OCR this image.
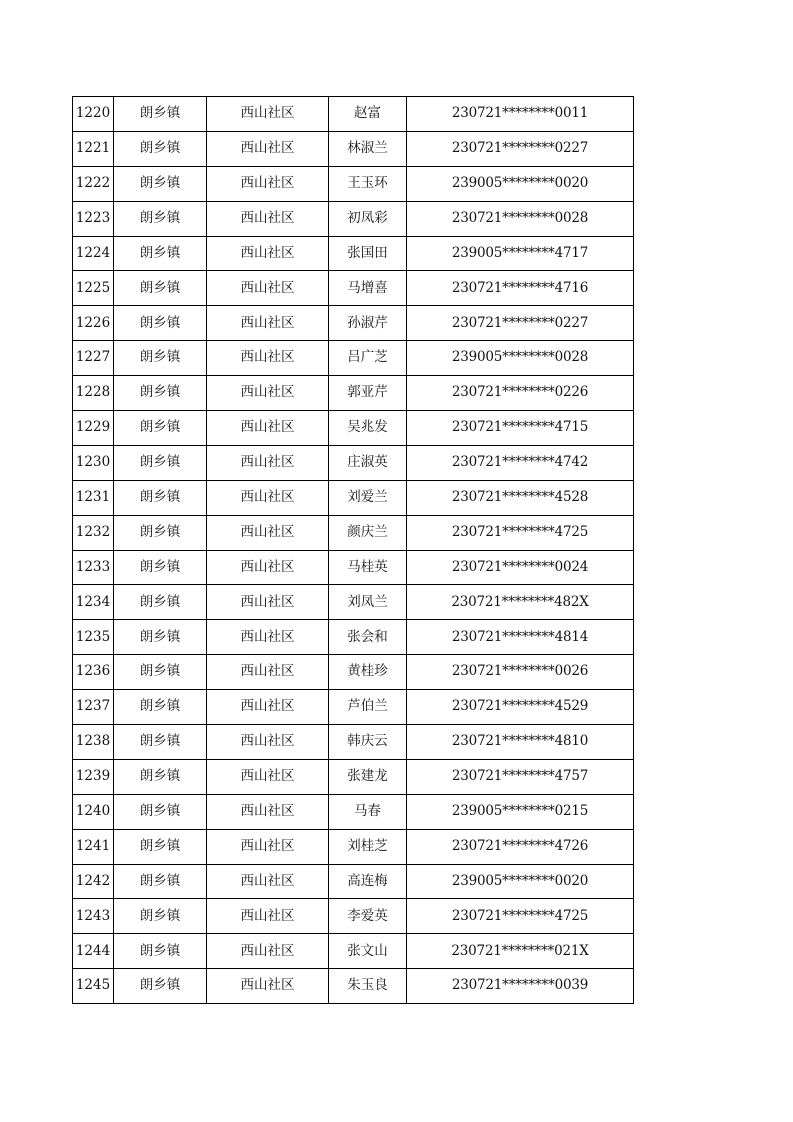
1220	朗乡镇	西山社区	赵富	230721********0011
1221	朗乡镇	西山社区	林淑兰	230721********0227
1222	朗乡镇	西山社区	王玉环	239005********0020
1223	朗乡镇	西山社区	初凤彩	230721********0028
1224	朗乡镇	西山社区	张国田	239005********4717
1225	朗乡镇	西山社区	马增喜	230721********4716
1226	朗乡镇	西山社区	孙淑芹	230721********0227
1227	朗乡镇	西山社区	吕广芝	239005********0028
1228	朗乡镇	西山社区	郭亚芹	230721********0226
1229	朗乡镇	西山社区	吴兆发	230721********4715
1230	朗乡镇	西山社区	庄淑英	230721********4742
1231	朗乡镇	西山社区	刘爱兰	230721********4528
1232	朗乡镇	西山社区	颜庆兰	230721********4725
1233	朗乡镇	西山社区	马桂英	230721********0024
1234	朗乡镇	西山社区	刘凤兰	230721********482X
1235	朗乡镇	西山社区	张会和	230721********4814
1236	朗乡镇	西山社区	黄桂珍	230721********0026
1237	朗乡镇	西山社区	芦伯兰	230721********4529
1238	朗乡镇	西山社区	韩庆云	230721********4810
1239	朗乡镇	西山社区	张建龙	230721********4757
1240	朗乡镇	西山社区	马春	239005********0215
1241	朗乡镇	西山社区	刘桂芝	230721********4726
1242	朗乡镇	西山社区	高连梅	239005********0020
1243	朗乡镇	西山社区	李爱英	230721********4725
1244	朗乡镇	西山社区	张文山	230721********021X
1245	朗乡镇	西山社区	朱玉良	230721********0039
